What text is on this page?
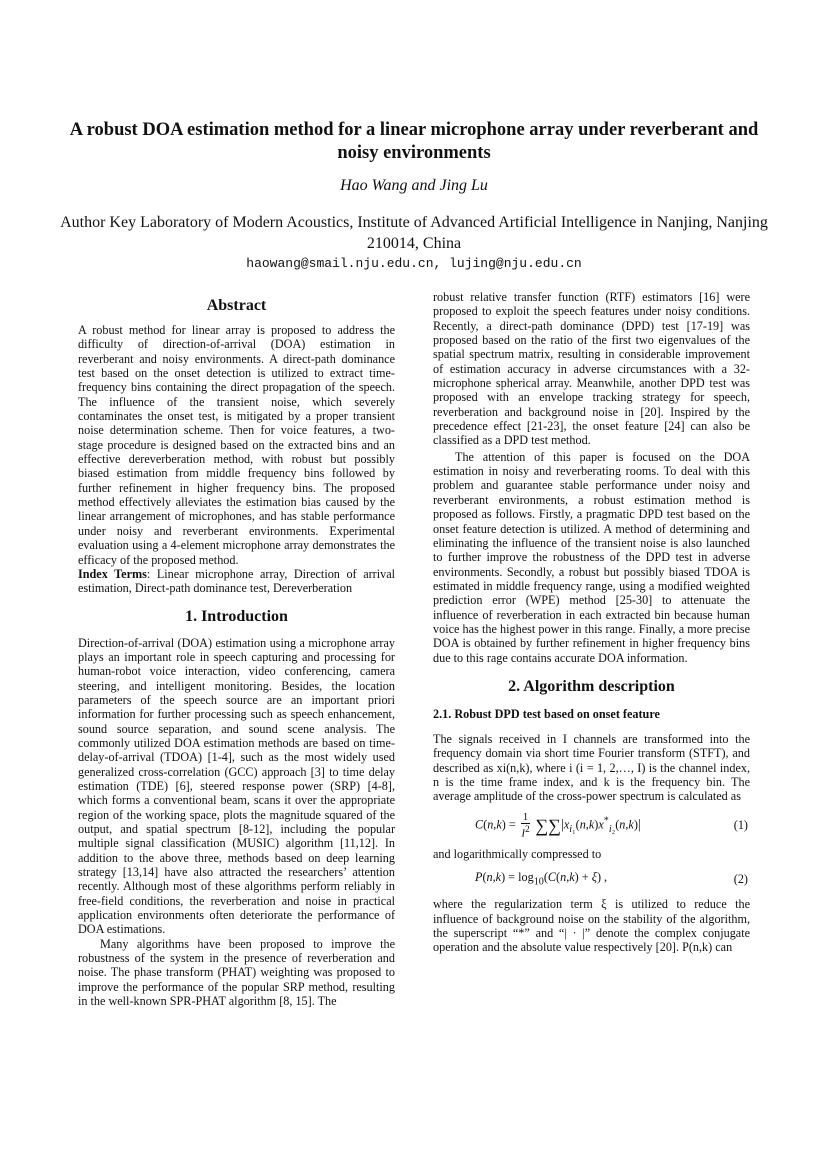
A robust DOA estimation method for a linear microphone array under reverberant and noisy environments
Hao Wang and Jing Lu
Author Key Laboratory of Modern Acoustics, Institute of Advanced Artificial Intelligence in Nanjing, Nanjing 210014, China
haowang@smail.nju.edu.cn, lujing@nju.edu.cn
Abstract

A robust method for linear array is proposed to address the difficulty of direction-of-arrival (DOA) estimation in reverberant and noisy environments. A direct-path dominance test based on the onset detection is utilized to extract time-frequency bins containing the direct propagation of the speech. The influence of the transient noise, which severely contaminates the onset test, is mitigated by a proper transient noise determination scheme. Then for voice features, a two-stage procedure is designed based on the extracted bins and an effective dereverberation method, with robust but possibly biased estimation from middle frequency bins followed by further refinement in higher frequency bins. The proposed method effectively alleviates the estimation bias caused by the linear arrangement of microphones, and has stable performance under noisy and reverberant environments. Experimental evaluation using a 4-element microphone array demonstrates the efficacy of the proposed method.

Index Terms: Linear microphone array, Direction of arrival estimation, Direct-path dominance test, Dereverberation

1. Introduction

Direction-of-arrival (DOA) estimation using a microphone array plays an important role in speech capturing and processing for human-robot voice interaction, video conferencing, camera steering, and intelligent monitoring. Besides, the location parameters of the speech source are an important priori information for further processing such as speech enhancement, sound source separation, and sound scene analysis. The commonly utilized DOA estimation methods are based on time-delay-of-arrival (TDOA) [1-4], such as the most widely used generalized cross-correlation (GCC) approach [3] to time delay estimation (TDE) [6], steered response power (SRP) [4-8], which forms a conventional beam, scans it over the appropriate region of the working space, plots the magnitude squared of the output, and spatial spectrum [8-12], including the popular multiple signal classification (MUSIC) algorithm [11,12]. In addition to the above three, methods based on deep learning strategy [13,14] have also attracted the researchers’ attention recently. Although most of these algorithms perform reliably in free-field conditions, the reverberation and noise in practical application environments often deteriorate the performance of DOA estimations.

Many algorithms have been proposed to improve the robustness of the system in the presence of reverberation and noise. The phase transform (PHAT) weighting was proposed to improve the performance of the popular SRP method, resulting in the well-known SPR-PHAT algorithm [8, 15]. The

robust relative transfer function (RTF) estimators [16] were proposed to exploit the speech features under noisy conditions. Recently, a direct-path dominance (DPD) test [17-19] was proposed based on the ratio of the first two eigenvalues of the spatial spectrum matrix, resulting in considerable improvement of estimation accuracy in adverse circumstances with a 32-microphone spherical array. Meanwhile, another DPD test was proposed with an envelope tracking strategy for speech, reverberation and background noise in [20]. Inspired by the precedence effect [21-23], the onset feature [24] can also be classified as a DPD test method.

The attention of this paper is focused on the DOA estimation in noisy and reverberating rooms. To deal with this problem and guarantee stable performance under noisy and reverberant environments, a robust estimation method is proposed as follows. Firstly, a pragmatic DPD test based on the onset feature detection is utilized. A method of determining and eliminating the influence of the transient noise is also launched to further improve the robustness of the DPD test in adverse environments. Secondly, a robust but possibly biased TDOA is estimated in middle frequency range, using a modified weighted prediction error (WPE) method [25-30] to attenuate the influence of reverberation in each extracted bin because human voice has the highest power in this range. Finally, a more precise DOA is obtained by further refinement in higher frequency bins due to this rage contains accurate DOA information.

2. Algorithm description
2.1. Robust DPD test based on onset feature

The signals received in I channels are transformed into the frequency domain via short time Fourier transform (STFT), and described as xi(n,k), where i (i = 1, 2,…, I) is the channel index, n is the time frame index, and k is the frequency bin. The average amplitude of the cross-power spectrum is calculated as

$C(n,k) = \frac{1}{I^2} \sum\sum|x_{i_1}(n,k)x^*_{i_2}(n,k)|$	(1)

and logarithmically compressed to

$P(n,k) = \log_{10}(C(n,k) + \xi)$ ,	(2)

where the regularization term ξ is utilized to reduce the influence of background noise on the stability of the algorithm, the superscript “*” and “| · |” denote the complex conjugate operation and the absolute value respectively [20]. P(n,k) can
